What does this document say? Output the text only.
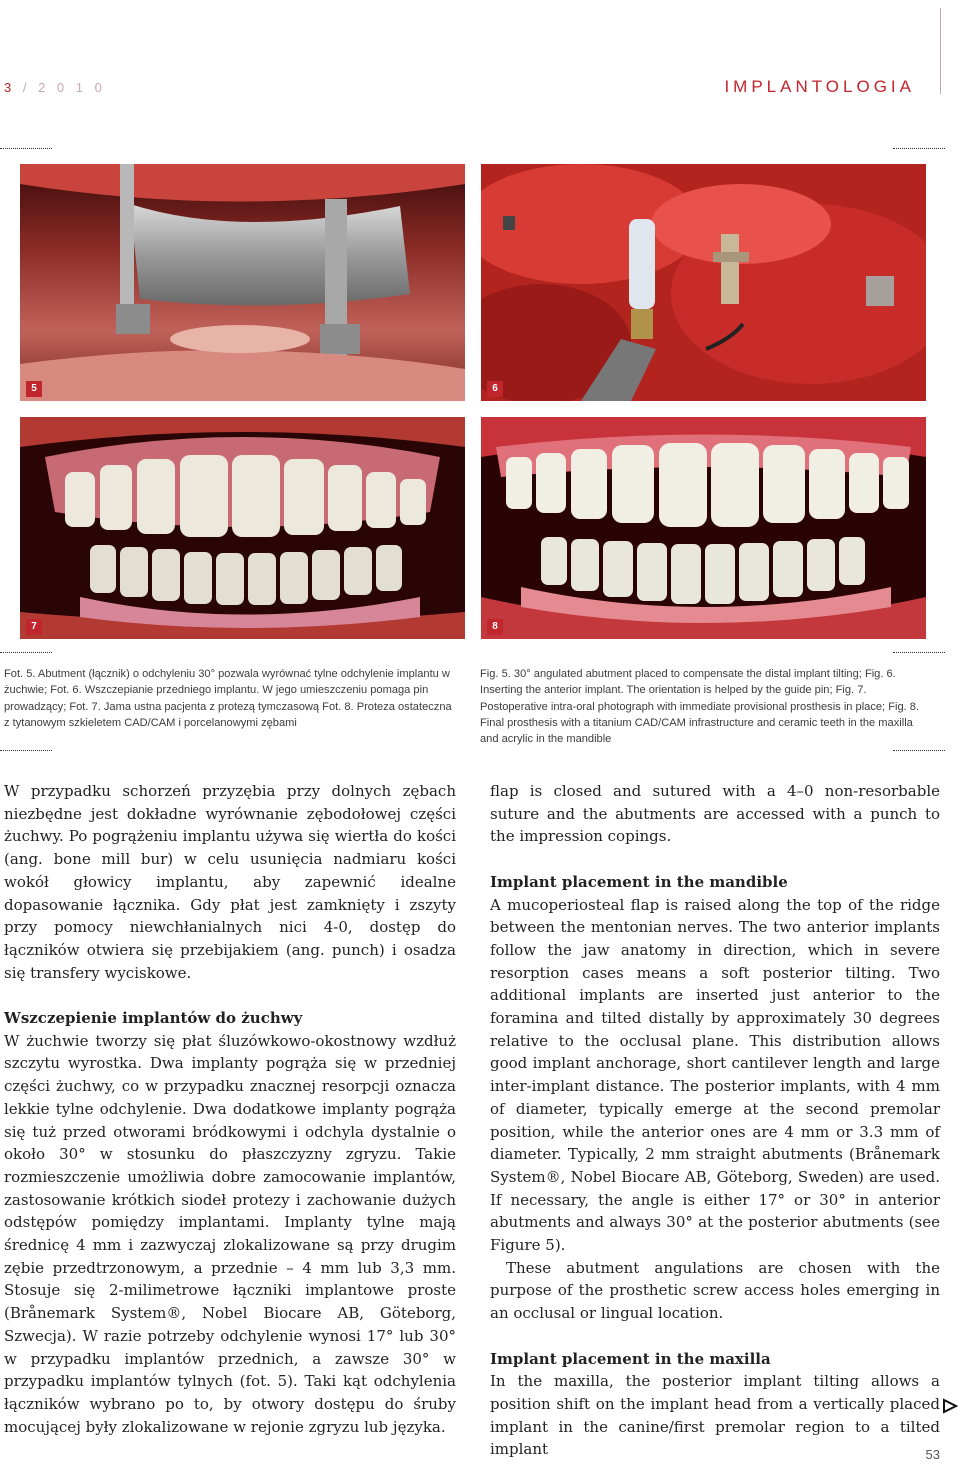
3 / 2 0 1 0	IMPLANTOLOGIA
5	6
7	8
Fot. 5. Abutment (łącznik) o odchyleniu 30° pozwala wyrównać tylne odchylenie implantu w żuchwie; Fot. 6. Wszczepianie przedniego implantu. W jego umieszczeniu pomaga pin prowadzący; Fot. 7. Jama ustna pacjenta z protezą tymczasową Fot. 8. Proteza ostateczna z tytanowym szkieletem CAD/CAM i porcelanowymi zębami
Fig. 5. 30° angulated abutment placed to compensate the distal implant tilting; Fig. 6. Inserting the anterior implant. The orientation is helped by the guide pin; Fig. 7. Postoperative intra-oral photograph with immediate provisional prosthesis in place; Fig. 8. Final prosthesis with a titanium CAD/CAM infrastructure and ceramic teeth in the maxilla and acrylic in the mandible

W przypadku schorzeń przyzębia przy dolnych zębach niezbędne jest dokładne wyrównanie zębodołowej części żuchwy. Po pogrążeniu implantu używa się wiertła do kości (ang. bone mill bur) w celu usunięcia nadmiaru kości wokół głowicy implantu, aby zapewnić idealne dopasowanie łącznika. Gdy płat jest zamknięty i zszyty przy pomocy niewchłanialnych nici 4-0, dostęp do łączników otwiera się przebijakiem (ang. punch) i osadza się transfery wyciskowe.

Wszczepienie implantów do żuchwy

W żuchwie tworzy się płat śluzówkowo-okostnowy wzdłuż szczytu wyrostka. Dwa implanty pogrąża się w przedniej części żuchwy, co w przypadku znacznej resorpcji oznacza lekkie tylne odchylenie. Dwa dodatkowe implanty pogrąża się tuż przed otworami bródkowymi i odchyla dystalnie o około 30° w stosunku do płaszczyzny zgryzu. Takie rozmieszczenie umożliwia dobre zamocowanie implantów, zastosowanie krótkich siodeł protezy i zachowanie dużych odstępów pomiędzy implantami. Implanty tylne mają średnicę 4 mm i zazwyczaj zlokalizowane są przy drugim zębie przedtrzonowym, a przednie – 4 mm lub 3,3 mm. Stosuje się 2-milimetrowe łączniki implantowe proste (Brånemark System®, Nobel Biocare AB, Göteborg, Szwecja). W razie potrzeby odchylenie wynosi 17° lub 30° w przypadku implantów przednich, a zawsze 30° w przypadku implantów tylnych (fot. 5). Taki kąt odchylenia łączników wybrano po to, by otwory dostępu do śruby mocującej były zlokalizowane w rejonie zgryzu lub języka.

flap is closed and sutured with a 4–0 non-resorbable suture and the abutments are accessed with a punch to the impression copings.

Implant placement in the mandible

A mucoperiosteal flap is raised along the top of the ridge between the mentonian nerves. The two anterior implants follow the jaw anatomy in direction, which in severe resorption cases means a soft posterior tilting. Two additional implants are inserted just anterior to the foramina and tilted distally by approximately 30 degrees relative to the occlusal plane. This distribution allows good implant anchorage, short cantilever length and large inter-implant distance. The posterior implants, with 4 mm of diameter, typically emerge at the second premolar position, while the anterior ones are 4 mm or 3.3 mm of diameter. Typically, 2 mm straight abutments (Brånemark System®, Nobel Biocare AB, Göteborg, Sweden) are used. If necessary, the angle is either 17° or 30° in anterior abutments and always 30° at the posterior abutments (see Figure 5).

These abutment angulations are chosen with the purpose of the prosthetic screw access holes emerging in an occlusal or lingual location.

Implant placement in the maxilla

In the maxilla, the posterior implant tilting allows a position shift on the implant head from a vertically placed implant in the canine/first premolar region to a tilted implant	53
